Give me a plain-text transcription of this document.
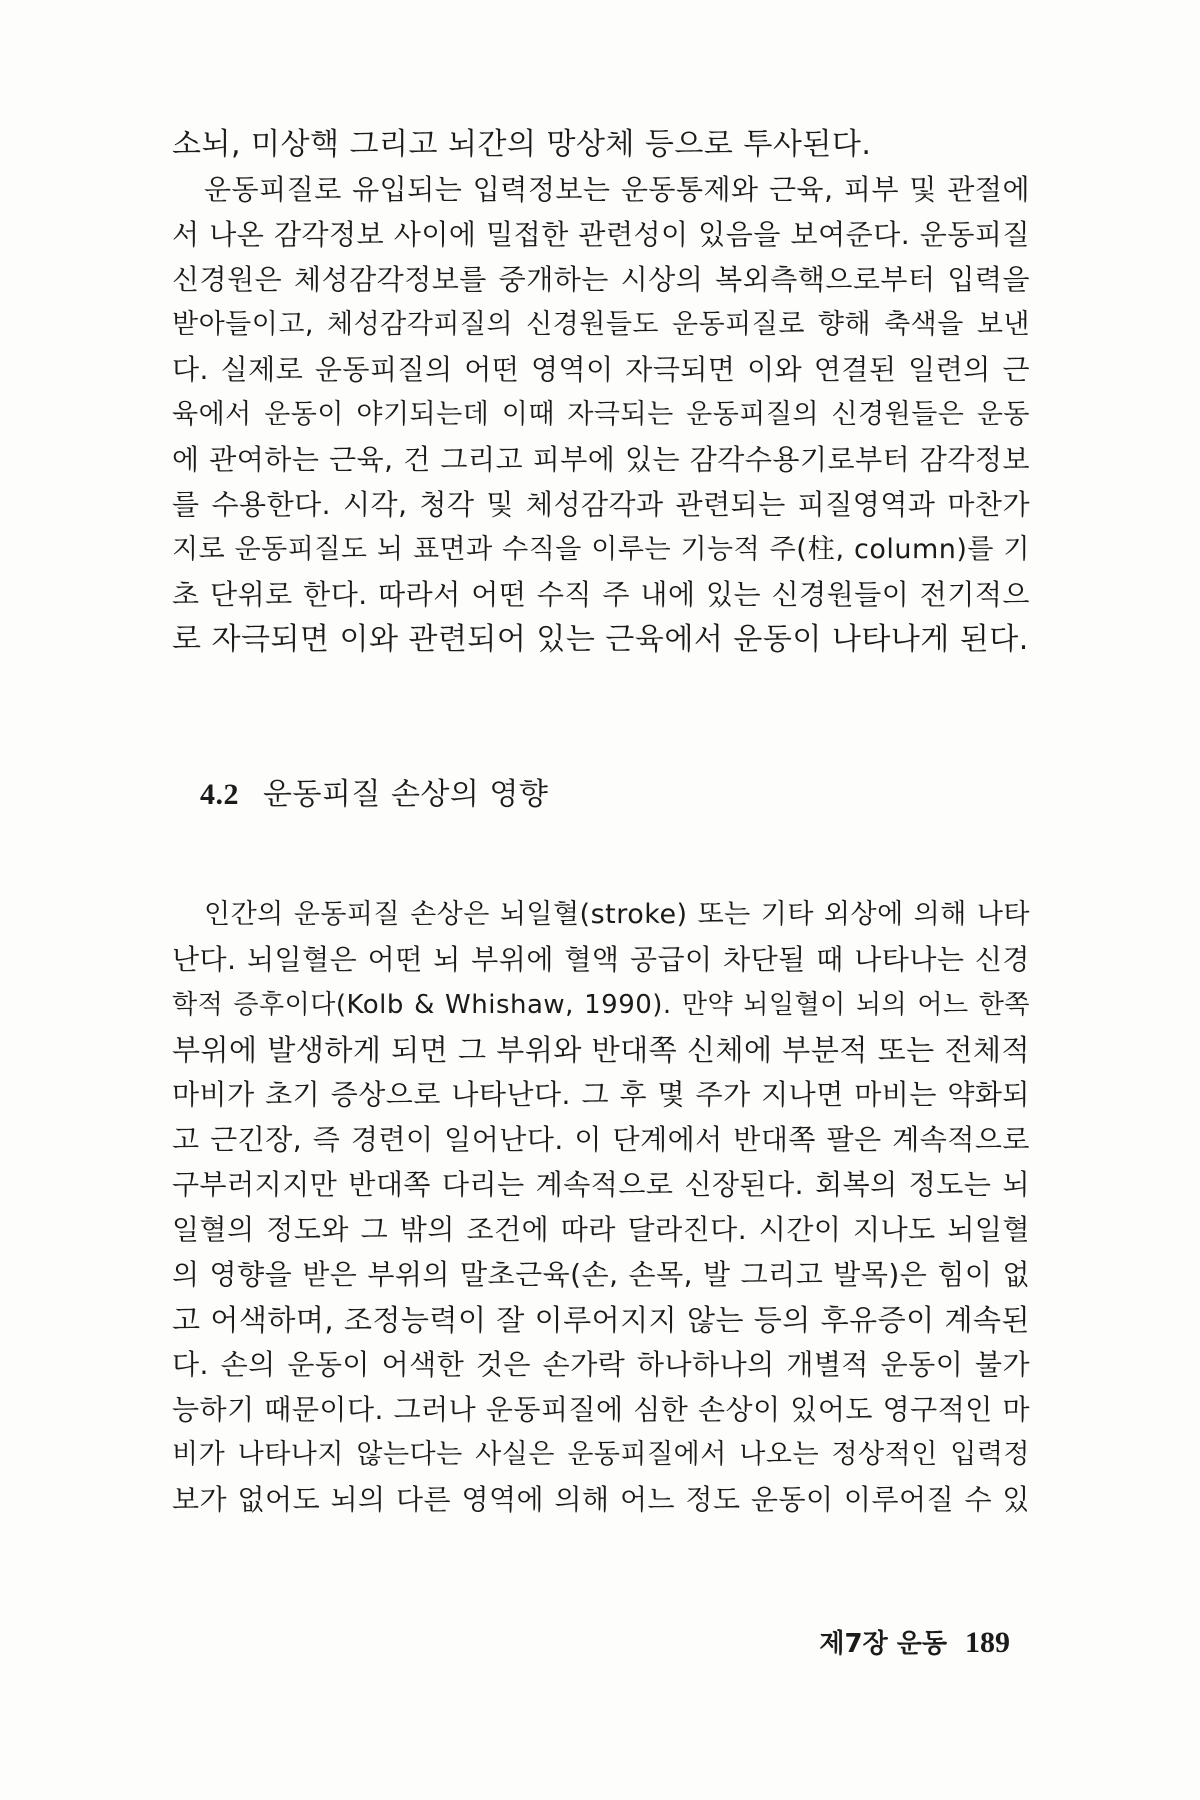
소뇌, 미상핵 그리고 뇌간의 망상체 등으로 투사된다.
운동피질로 유입되는 입력정보는 운동통제와 근육, 피부 및 관절에
서 나온 감각정보 사이에 밀접한 관련성이 있음을 보여준다. 운동피질
신경원은 체성감각정보를 중개하는 시상의 복외측핵으로부터 입력을
받아들이고, 체성감각피질의 신경원들도 운동피질로 향해 축색을 보낸
다. 실제로 운동피질의 어떤 영역이 자극되면 이와 연결된 일련의 근
육에서 운동이 야기되는데 이때 자극되는 운동피질의 신경원들은 운동
에 관여하는 근육, 건 그리고 피부에 있는 감각수용기로부터 감각정보
를 수용한다. 시각, 청각 및 체성감각과 관련되는 피질영역과 마찬가
지로 운동피질도 뇌 표면과 수직을 이루는 기능적 주(柱, column)를 기
초 단위로 한다. 따라서 어떤 수직 주 내에 있는 신경원들이 전기적으
로 자극되면 이와 관련되어 있는 근육에서 운동이 나타나게 된다.
4.2 운동피질 손상의 영향
인간의 운동피질 손상은 뇌일혈(stroke) 또는 기타 외상에 의해 나타
난다. 뇌일혈은 어떤 뇌 부위에 혈액 공급이 차단될 때 나타나는 신경
학적 증후이다(Kolb & Whishaw, 1990). 만약 뇌일혈이 뇌의 어느 한쪽
부위에 발생하게 되면 그 부위와 반대쪽 신체에 부분적 또는 전체적
마비가 초기 증상으로 나타난다. 그 후 몇 주가 지나면 마비는 약화되
고 근긴장, 즉 경련이 일어난다. 이 단계에서 반대쪽 팔은 계속적으로
구부러지지만 반대쪽 다리는 계속적으로 신장된다. 회복의 정도는 뇌
일혈의 정도와 그 밖의 조건에 따라 달라진다. 시간이 지나도 뇌일혈
의 영향을 받은 부위의 말초근육(손, 손목, 발 그리고 발목)은 힘이 없
고 어색하며, 조정능력이 잘 이루어지지 않는 등의 후유증이 계속된
다. 손의 운동이 어색한 것은 손가락 하나하나의 개별적 운동이 불가
능하기 때문이다. 그러나 운동피질에 심한 손상이 있어도 영구적인 마
비가 나타나지 않는다는 사실은 운동피질에서 나오는 정상적인 입력정
보가 없어도 뇌의 다른 영역에 의해 어느 정도 운동이 이루어질 수 있
제7장 운동 189
